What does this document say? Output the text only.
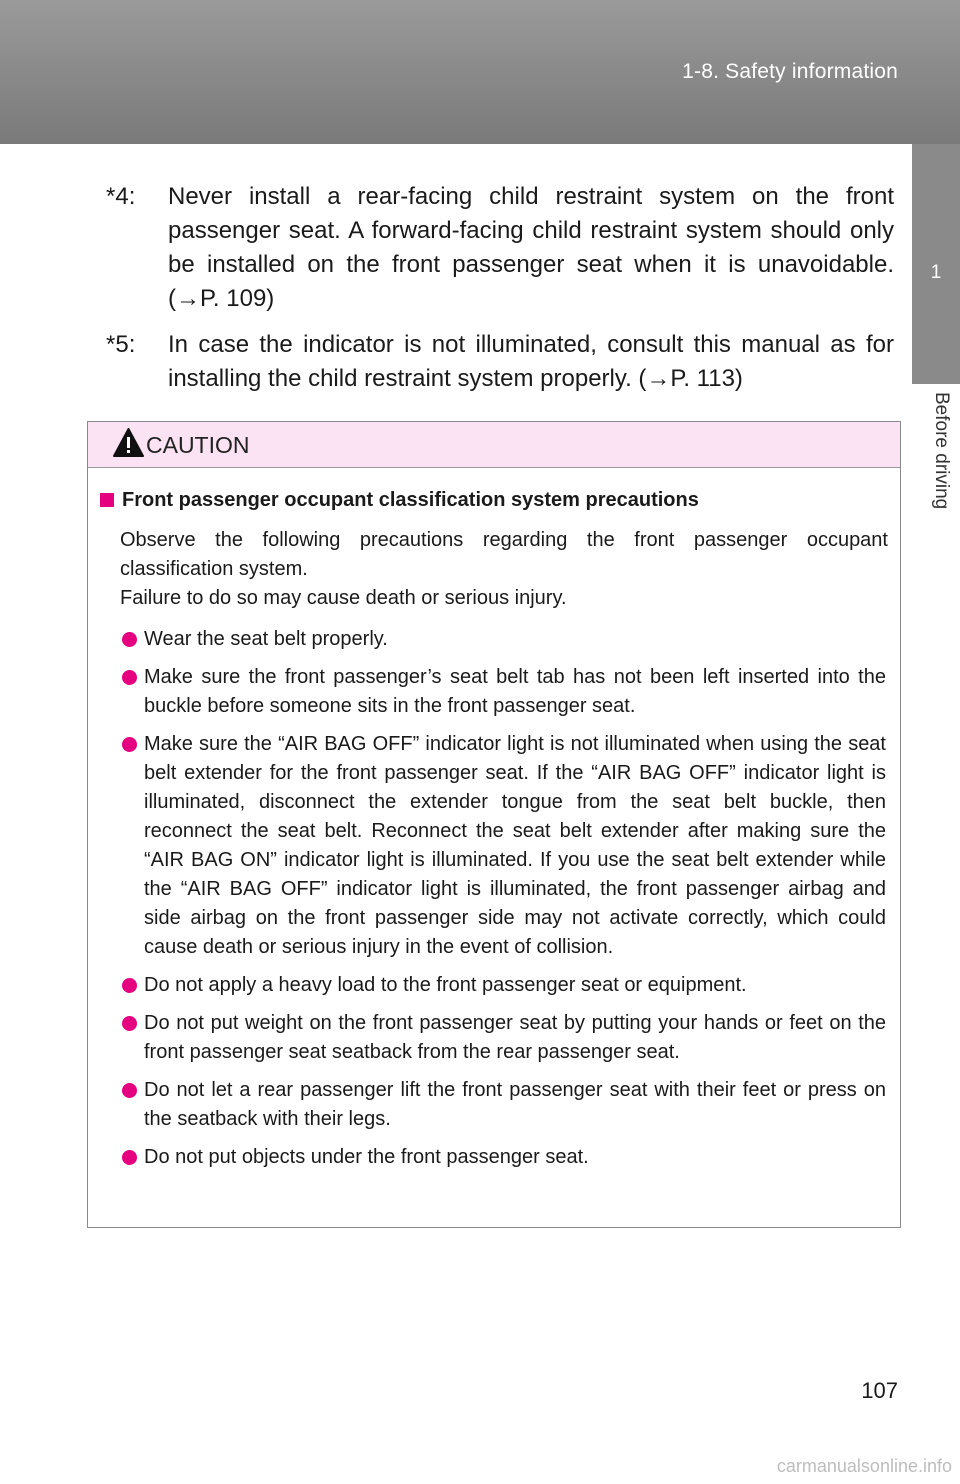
1-8. Safety information
1
Before driving
*4:	Never install a rear-facing child restraint system on the front passenger seat. A forward-facing child restraint system should only be installed on the front passenger seat when it is unavoidable. (→P. 109)
*5:	In case the indicator is not illuminated, consult this manual as for installing the child restraint system properly. (→P. 113)
CAUTION
Front passenger occupant classification system precautions
Observe the following precautions regarding the front passenger occupant classification system.
Failure to do so may cause death or serious injury.
Wear the seat belt properly.
Make sure the front passenger’s seat belt tab has not been left inserted into the buckle before someone sits in the front passenger seat.
Make sure the “AIR BAG OFF” indicator light is not illuminated when using the seat belt extender for the front passenger seat. If the “AIR BAG OFF” indicator light is illuminated, disconnect the extender tongue from the seat belt buckle, then reconnect the seat belt. Reconnect the seat belt extender after making sure the “AIR BAG ON” indicator light is illuminated. If you use the seat belt extender while the “AIR BAG OFF” indicator light is illuminated, the front passenger airbag and side airbag on the front passenger side may not activate correctly, which could cause death or serious injury in the event of collision.
Do not apply a heavy load to the front passenger seat or equipment.
Do not put weight on the front passenger seat by putting your hands or feet on the front passenger seat seatback from the rear passenger seat.
Do not let a rear passenger lift the front passenger seat with their feet or press on the seatback with their legs.
Do not put objects under the front passenger seat.
107
carmanualsonline.info
